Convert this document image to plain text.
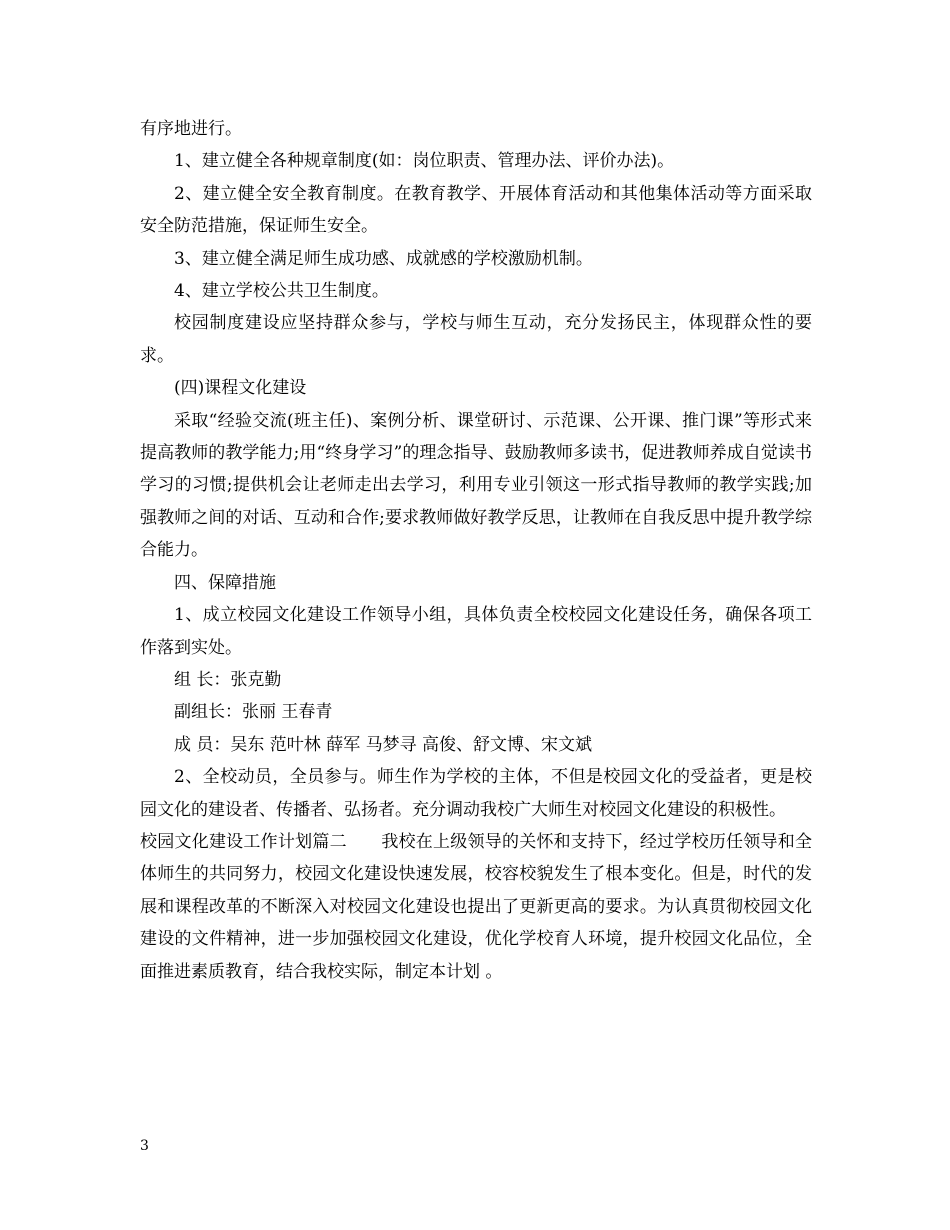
有序地进行。

1、建立健全各种规章制度(如：岗位职责、管理办法、评价办法)。

2、建立健全安全教育制度。在教育教学、开展体育活动和其他集体活动等方面采取安全防范措施，保证师生安全。

3、建立健全满足师生成功感、成就感的学校激励机制。

4、建立学校公共卫生制度。

校园制度建设应坚持群众参与，学校与师生互动，充分发扬民主，体现群众性的要求。

(四)课程文化建设

采取“经验交流(班主任)、案例分析、课堂研讨、示范课、公开课、推门课”等形式来提高教师的教学能力;用“终身学习”的理念指导、鼓励教师多读书，促进教师养成自觉读书学习的习惯;提供机会让老师走出去学习，利用专业引领这一形式指导教师的教学实践;加强教师之间的对话、互动和合作;要求教师做好教学反思，让教师在自我反思中提升教学综合能力。

四、保障措施

1、成立校园文化建设工作领导小组，具体负责全校校园文化建设任务，确保各项工作落到实处。

组 长：张克勤

副组长：张丽 王春青

成 员：吴东 范叶林 薛军 马梦寻 高俊、舒文博、宋文斌

2、全校动员，全员参与。师生作为学校的主体，不但是校园文化的受益者，更是校园文化的建设者、传播者、弘扬者。充分调动我校广大师生对校园文化建设的积极性。

校园文化建设工作计划篇二　　我校在上级领导的关怀和支持下，经过学校历任领导和全体师生的共同努力，校园文化建设快速发展，校容校貌发生了根本变化。但是，时代的发展和课程改革的不断深入对校园文化建设也提出了更新更高的要求。为认真贯彻校园文化建设的文件精神，进一步加强校园文化建设，优化学校育人环境，提升校园文化品位，全面推进素质教育，结合我校实际，制定本计划 。

3
